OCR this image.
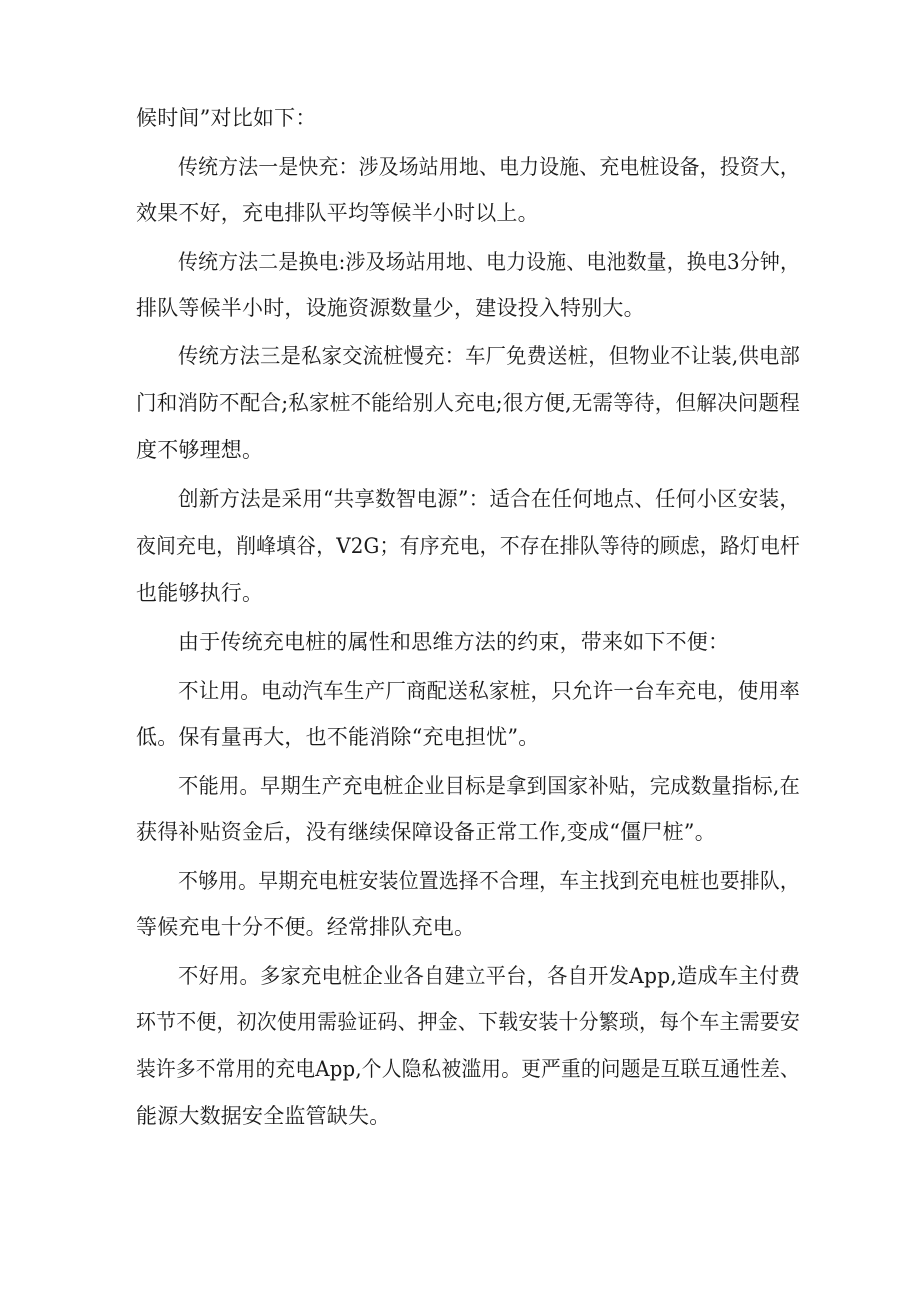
候时间”对比如下：
传统方法一是快充：涉及场站用地、电力设施、充电桩设备，投资大，
效果不好，充电排队平均等候半小时以上。
传统方法二是换电:涉及场站用地、电力设施、电池数量，换电3分钟，
排队等候半小时，设施资源数量少，建设投入特别大。
传统方法三是私家交流桩慢充：车厂免费送桩，但物业不让装,供电部
门和消防不配合;私家桩不能给别人充电;很方便,无需等待，但解决问题程
度不够理想。
创新方法是采用“共享数智电源”：适合在任何地点、任何小区安装，
夜间充电，削峰填谷，V2G；有序充电，不存在排队等待的顾虑，路灯电杆
也能够执行。
由于传统充电桩的属性和思维方法的约束，带来如下不便：
不让用。电动汽车生产厂商配送私家桩，只允许一台车充电，使用率
低。保有量再大，也不能消除“充电担忧”。
不能用。早期生产充电桩企业目标是拿到国家补贴，完成数量指标,在
获得补贴资金后，没有继续保障设备正常工作,变成“僵尸桩”。
不够用。早期充电桩安装位置选择不合理，车主找到充电桩也要排队，
等候充电十分不便。经常排队充电。
不好用。多家充电桩企业各自建立平台，各自开发App,造成车主付费
环节不便，初次使用需验证码、押金、下载安装十分繁琐，每个车主需要安
装许多不常用的充电App,个人隐私被滥用。更严重的问题是互联互通性差、
能源大数据安全监管缺失。
